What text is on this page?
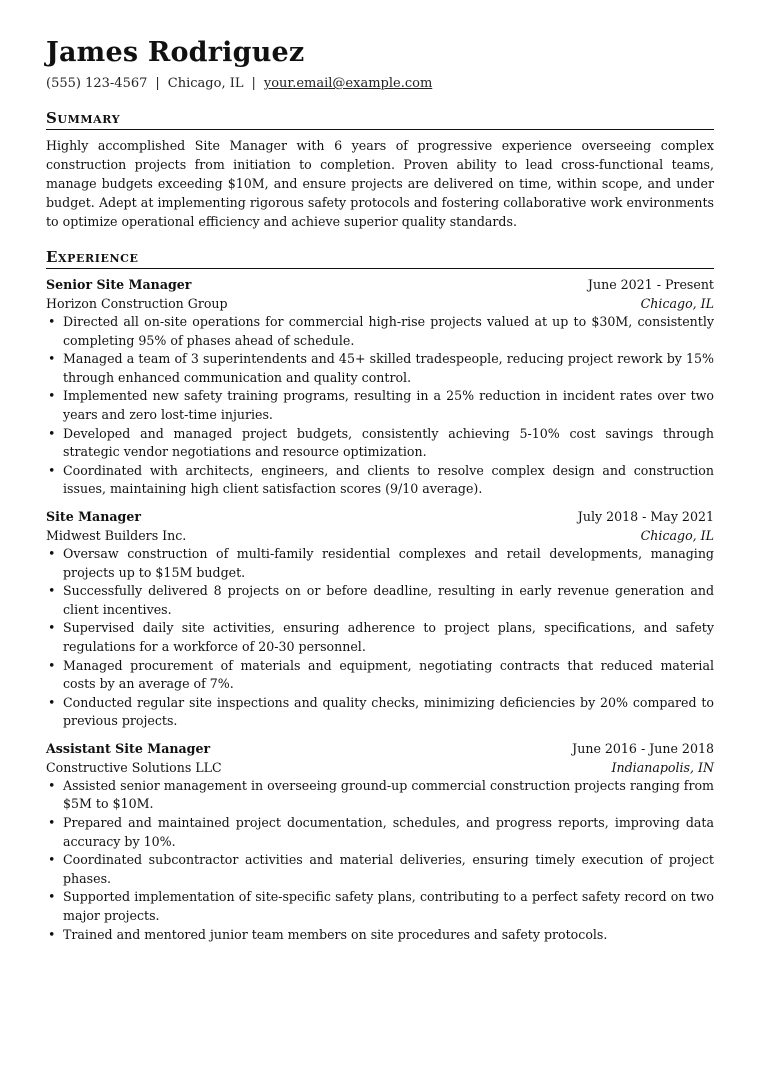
James Rodriguez
(555) 123-4567 | Chicago, IL | your.email@example.com
Summary
Highly accomplished Site Manager with 6 years of progressive experience overseeing complex construction projects from initiation to completion. Proven ability to lead cross-functional teams, manage budgets exceeding $10M, and ensure projects are delivered on time, within scope, and under budget. Adept at implementing rigorous safety protocols and fostering collaborative work environments to optimize operational efficiency and achieve superior quality standards.
Experience
Senior Site Manager	June 2021 - Present
Horizon Construction Group	Chicago, IL
• Directed all on-site operations for commercial high-rise projects valued at up to $30M, consistently completing 95% of phases ahead of schedule.
• Managed a team of 3 superintendents and 45+ skilled tradespeople, reducing project rework by 15% through enhanced communication and quality control.
• Implemented new safety training programs, resulting in a 25% reduction in incident rates over two years and zero lost-time injuries.
• Developed and managed project budgets, consistently achieving 5-10% cost savings through strategic vendor negotiations and resource optimization.
• Coordinated with architects, engineers, and clients to resolve complex design and construction issues, maintaining high client satisfaction scores (9/10 average).
Site Manager	July 2018 - May 2021
Midwest Builders Inc.	Chicago, IL
• Oversaw construction of multi-family residential complexes and retail developments, managing projects up to $15M budget.
• Successfully delivered 8 projects on or before deadline, resulting in early revenue generation and client incentives.
• Supervised daily site activities, ensuring adherence to project plans, specifications, and safety regulations for a workforce of 20-30 personnel.
• Managed procurement of materials and equipment, negotiating contracts that reduced material costs by an average of 7%.
• Conducted regular site inspections and quality checks, minimizing deficiencies by 20% compared to previous projects.
Assistant Site Manager	June 2016 - June 2018
Constructive Solutions LLC	Indianapolis, IN
• Assisted senior management in overseeing ground-up commercial construction projects ranging from $5M to $10M.
• Prepared and maintained project documentation, schedules, and progress reports, improving data accuracy by 10%.
• Coordinated subcontractor activities and material deliveries, ensuring timely execution of project phases.
• Supported implementation of site-specific safety plans, contributing to a perfect safety record on two major projects.
• Trained and mentored junior team members on site procedures and safety protocols.
